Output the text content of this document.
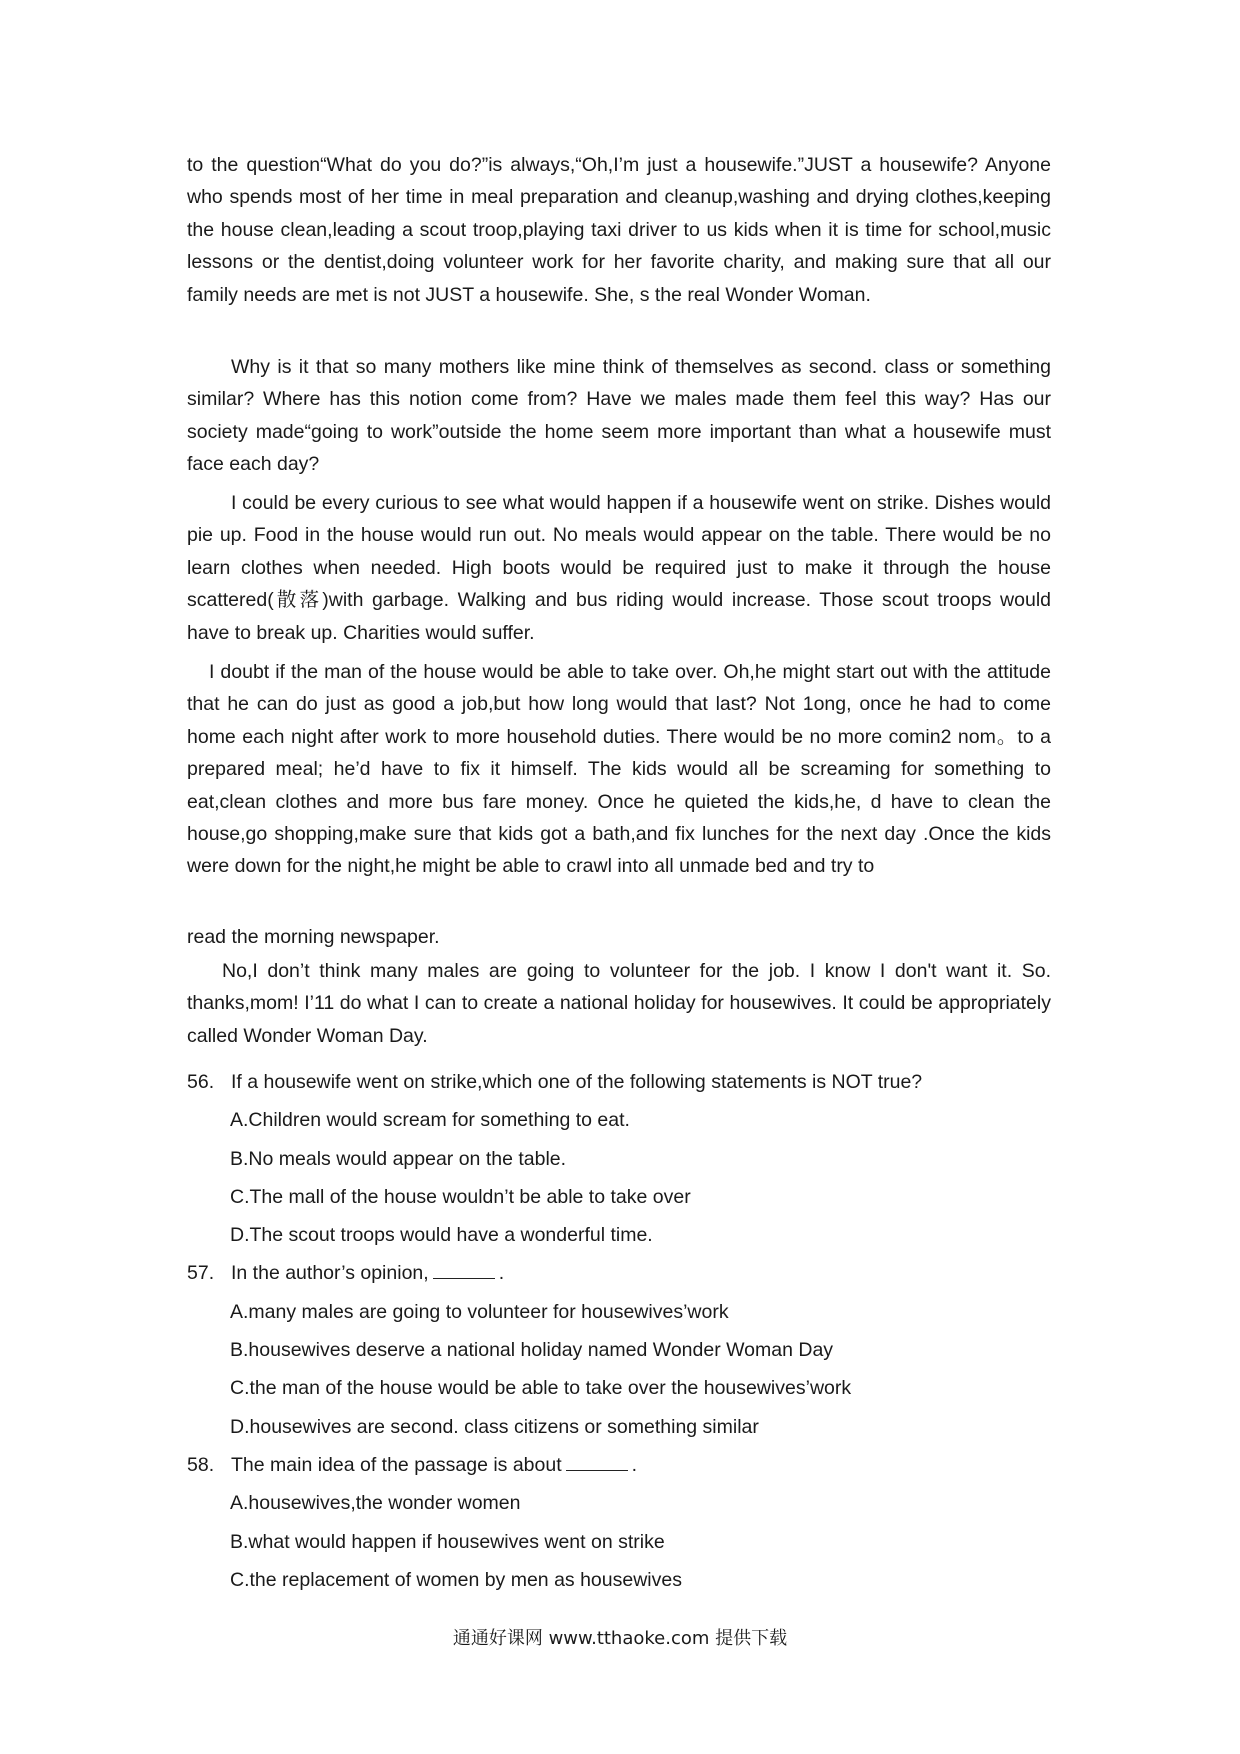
to the question“What do you do?”is always,“Oh,I’m just a housewife.”JUST a housewife? Anyone who spends most of her time in meal preparation and cleanup,washing and drying clothes,keeping the house clean,leading a scout troop,playing taxi driver to us kids when it is time for school,music lessons or the dentist,doing volunteer work for her favorite charity, and making sure that all our family needs are met is not JUST a housewife. She, s the real Wonder Woman.

Why is it that so many mothers like mine think of themselves as second. class or something similar? Where has this notion come from? Have we males made them feel this way? Has our society made“going to work”outside the home seem more important than what a housewife must face each day?

I could be every curious to see what would happen if a housewife went on strike. Dishes would pie up. Food in the house would run out. No meals would appear on the table. There would be no learn clothes when needed. High boots would be required just to make it through the house scattered(散落)with garbage. Walking and bus riding would increase. Those scout troops would have to break up. Charities would suffer.

I doubt if the man of the house would be able to take over. Oh,he might start out with the attitude that he can do just as good a job,but how long would that last? Not 1ong, once he had to come home each night after work to more household duties. There would be no more comin2 nom。to a prepared meal; he’d have to fix it himself. The kids would all be screaming for something to eat,clean clothes and more bus fare money. Once he quieted the kids,he, d have to clean the house,go shopping,make sure that kids got a bath,and fix lunches for the next day .Once the kids were down for the night,he might be able to crawl into all unmade bed and try to

read the morning newspaper.

No,I don’t think many males are going to volunteer for the job. I know I don't want it. So. thanks,mom! I’11 do what I can to create a national holiday for housewives. It could be appropriately called Wonder Woman Day.

56. If a housewife went on strike,which one of the following statements is NOT true?
A.Children would scream for something to eat.
B.No meals would appear on the table.
C.The mall of the house wouldn’t be able to take over
D.The scout troops would have a wonderful time.
57. In the author’s opinion,	.
A.many males are going to volunteer for housewives’work
B.housewives deserve a national holiday named Wonder Woman Day
C.the man of the house would be able to take over the housewives’work
D.housewives are second. class citizens or something similar
58. The main idea of the passage is about	.
A.housewives,the wonder women
B.what would happen if housewives went on strike
C.the replacement of women by men as housewives
通通好课网 www.tthaoke.com 提供下载
